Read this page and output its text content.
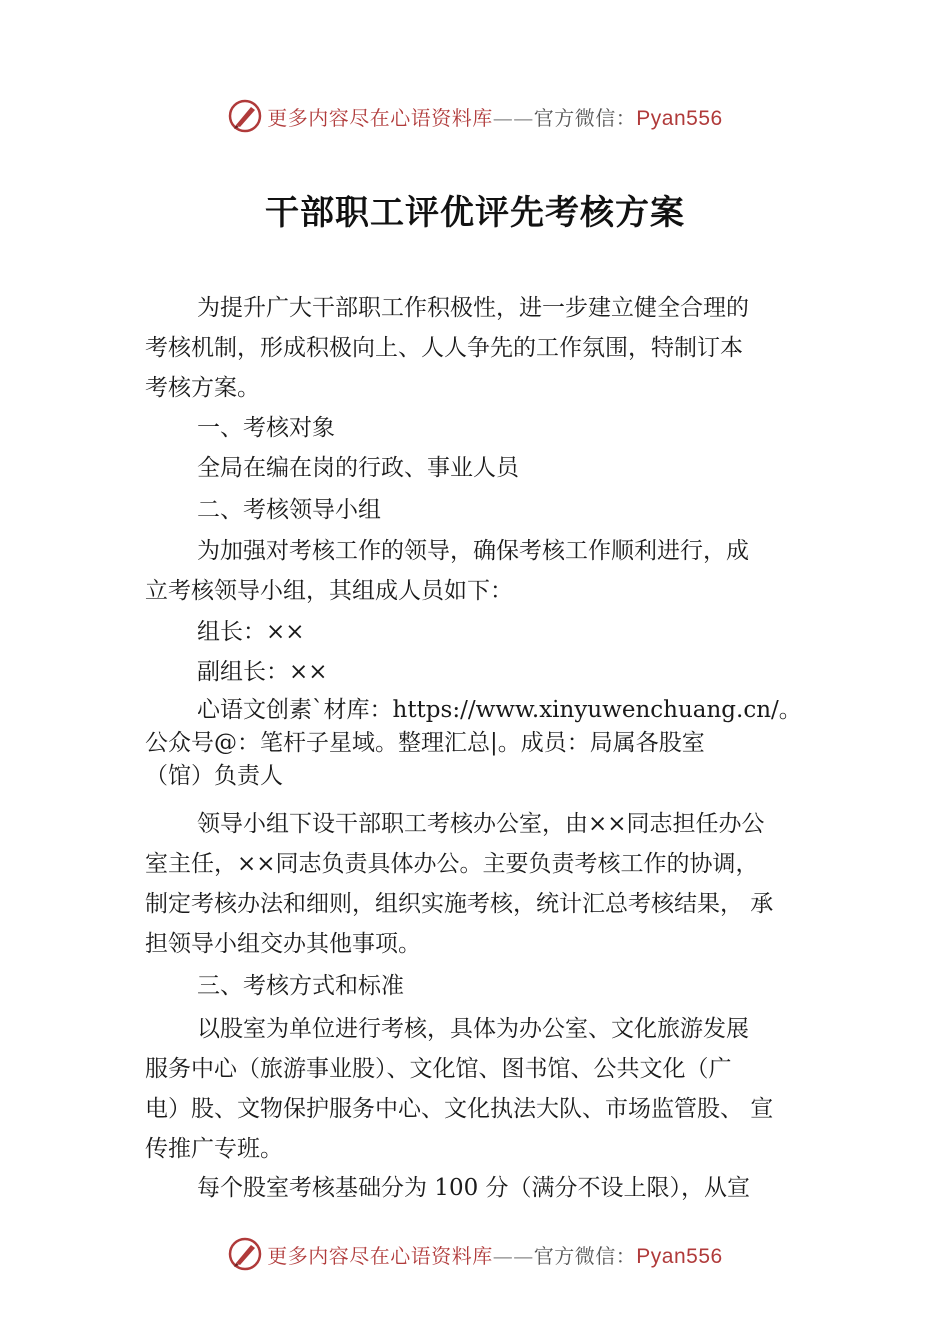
更多内容尽在心语资料库——官方微信：Pyan556
干部职工评优评先考核方案

为提升广大干部职工作积极性，进一步建立健全合理的
考核机制，形成积极向上、人人争先的工作氛围，特制订本
考核方案。

一、考核对象

全局在编在岗的行政、事业人员

二、考核领导小组

为加强对考核工作的领导，确保考核工作顺利进行，成
立考核领导小组，其组成人员如下：

组长：××

副组长：××

心语文创素`材库：https://www.xinyuwenchuang.cn/。
公众号@：笔杆子星域。整理汇总|。成员：局属各股室
（馆）负责人

领导小组下设干部职工考核办公室，由××同志担任办公
室主任，××同志负责具体办公。主要负责考核工作的协调，
制定考核办法和细则，组织实施考核，统计汇总考核结果， 承
担领导小组交办其他事项。

三、考核方式和标准

以股室为单位进行考核，具体为办公室、文化旅游发展
服务中心（旅游事业股）、文化馆、图书馆、公共文化（广
电）股、文物保护服务中心、文化执法大队、市场监管股、 宣
传推广专班。

每个股室考核基础分为 100 分（满分不设上限），从宣

更多内容尽在心语资料库——官方微信：Pyan556
